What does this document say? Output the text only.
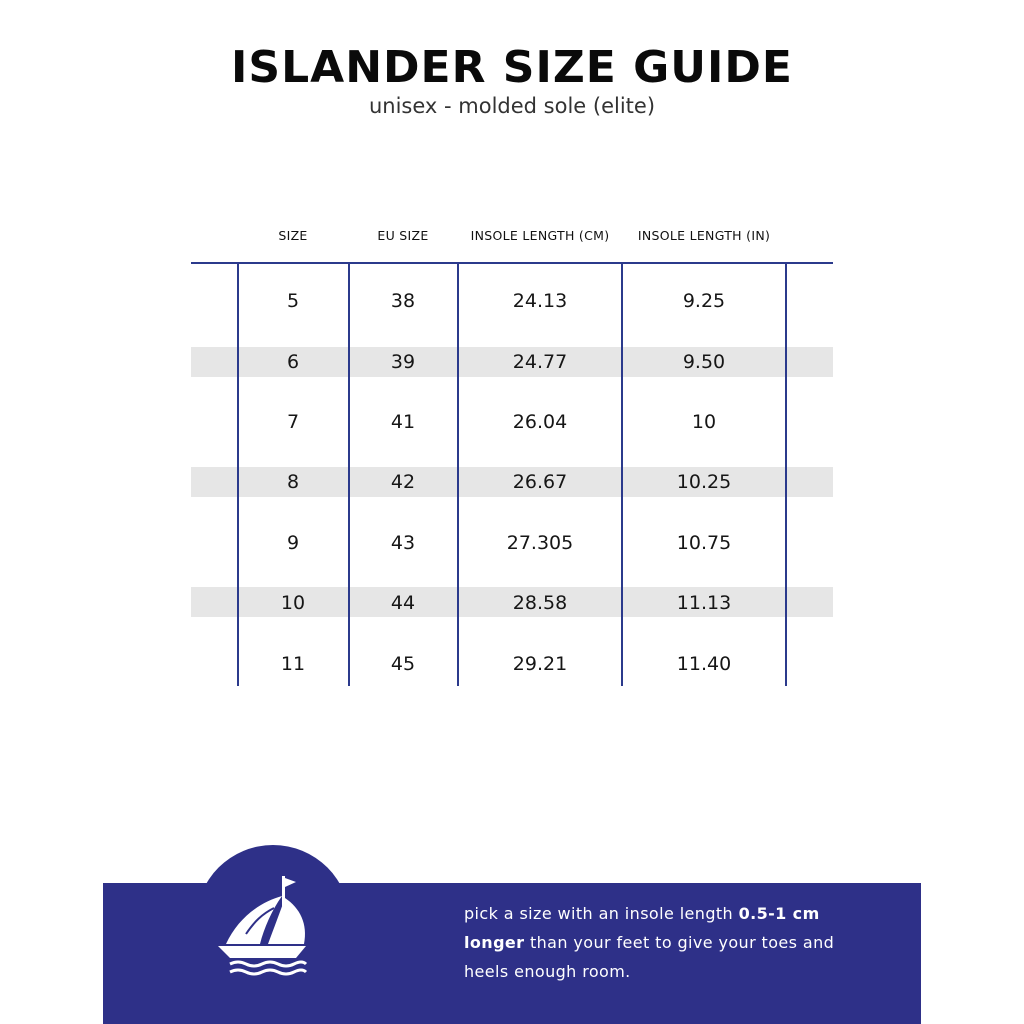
ISLANDER SIZE GUIDE
unisex - molded sole (elite)
SIZE	EU SIZE	INSOLE LENGTH (CM)	INSOLE LENGTH (IN)
5	38	24.13	9.25
6	39	24.77	9.50
7	41	26.04	10
8	42	26.67	10.25
9	43	27.305	10.75
10	44	28.58	11.13
11	45	29.21	11.40
pick a size with an insole length 0.5-1 cm
longer than your feet to give your toes and heels enough room.
